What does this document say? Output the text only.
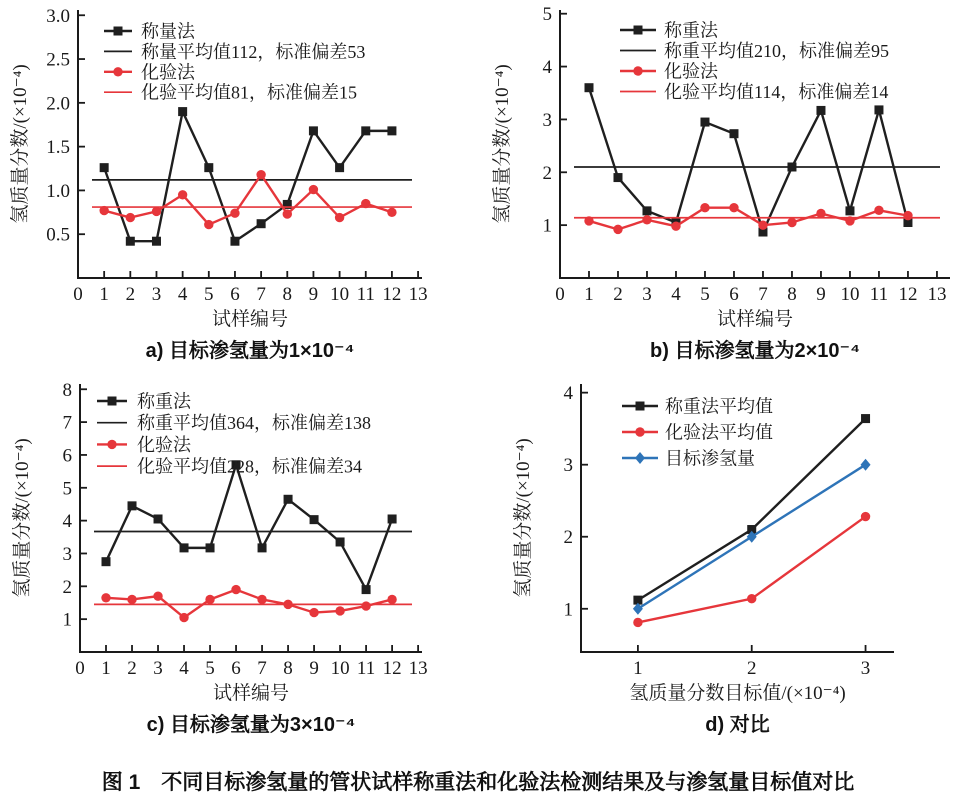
0 1 2 3 4 5 6 7 8 9 10 11 12 13
0.5
1.0
1.5
2.0
2.5
3.0
试样编号
氢质量分数/(×10⁻⁴)
称量法
称量平均值112，标准偏差53
化验法
化验平均值81，标准偏差15
a) 目标渗氢量为1×10⁻⁴
0 1 2 3 4 5 6 7 8 9 10 11 12 13
1
2
3
4
5
试样编号
氢质量分数/(×10⁻⁴)
称重法
称重平均值210，标准偏差95
化验法
化验平均值114，标准偏差14
b) 目标渗氢量为2×10⁻⁴
0 1 2 3 4 5 6 7 8 9 10 11 12 13
1
2
3
4
5
6
7
8
试样编号
氢质量分数/(×10⁻⁴)
称重法
称重平均值364，标准偏差138
化验法
化验平均值228，标准偏差34
c) 目标渗氢量为3×10⁻⁴
1	2	3
1
2
3
4
氢质量分数目标值/(×10⁻⁴)
氢质量分数/(×10⁻⁴)
称重法平均值
化验法平均值
目标渗氢量
d) 对比
图 1　不同目标渗氢量的管状试样称重法和化验法检测结果及与渗氢量目标值对比
